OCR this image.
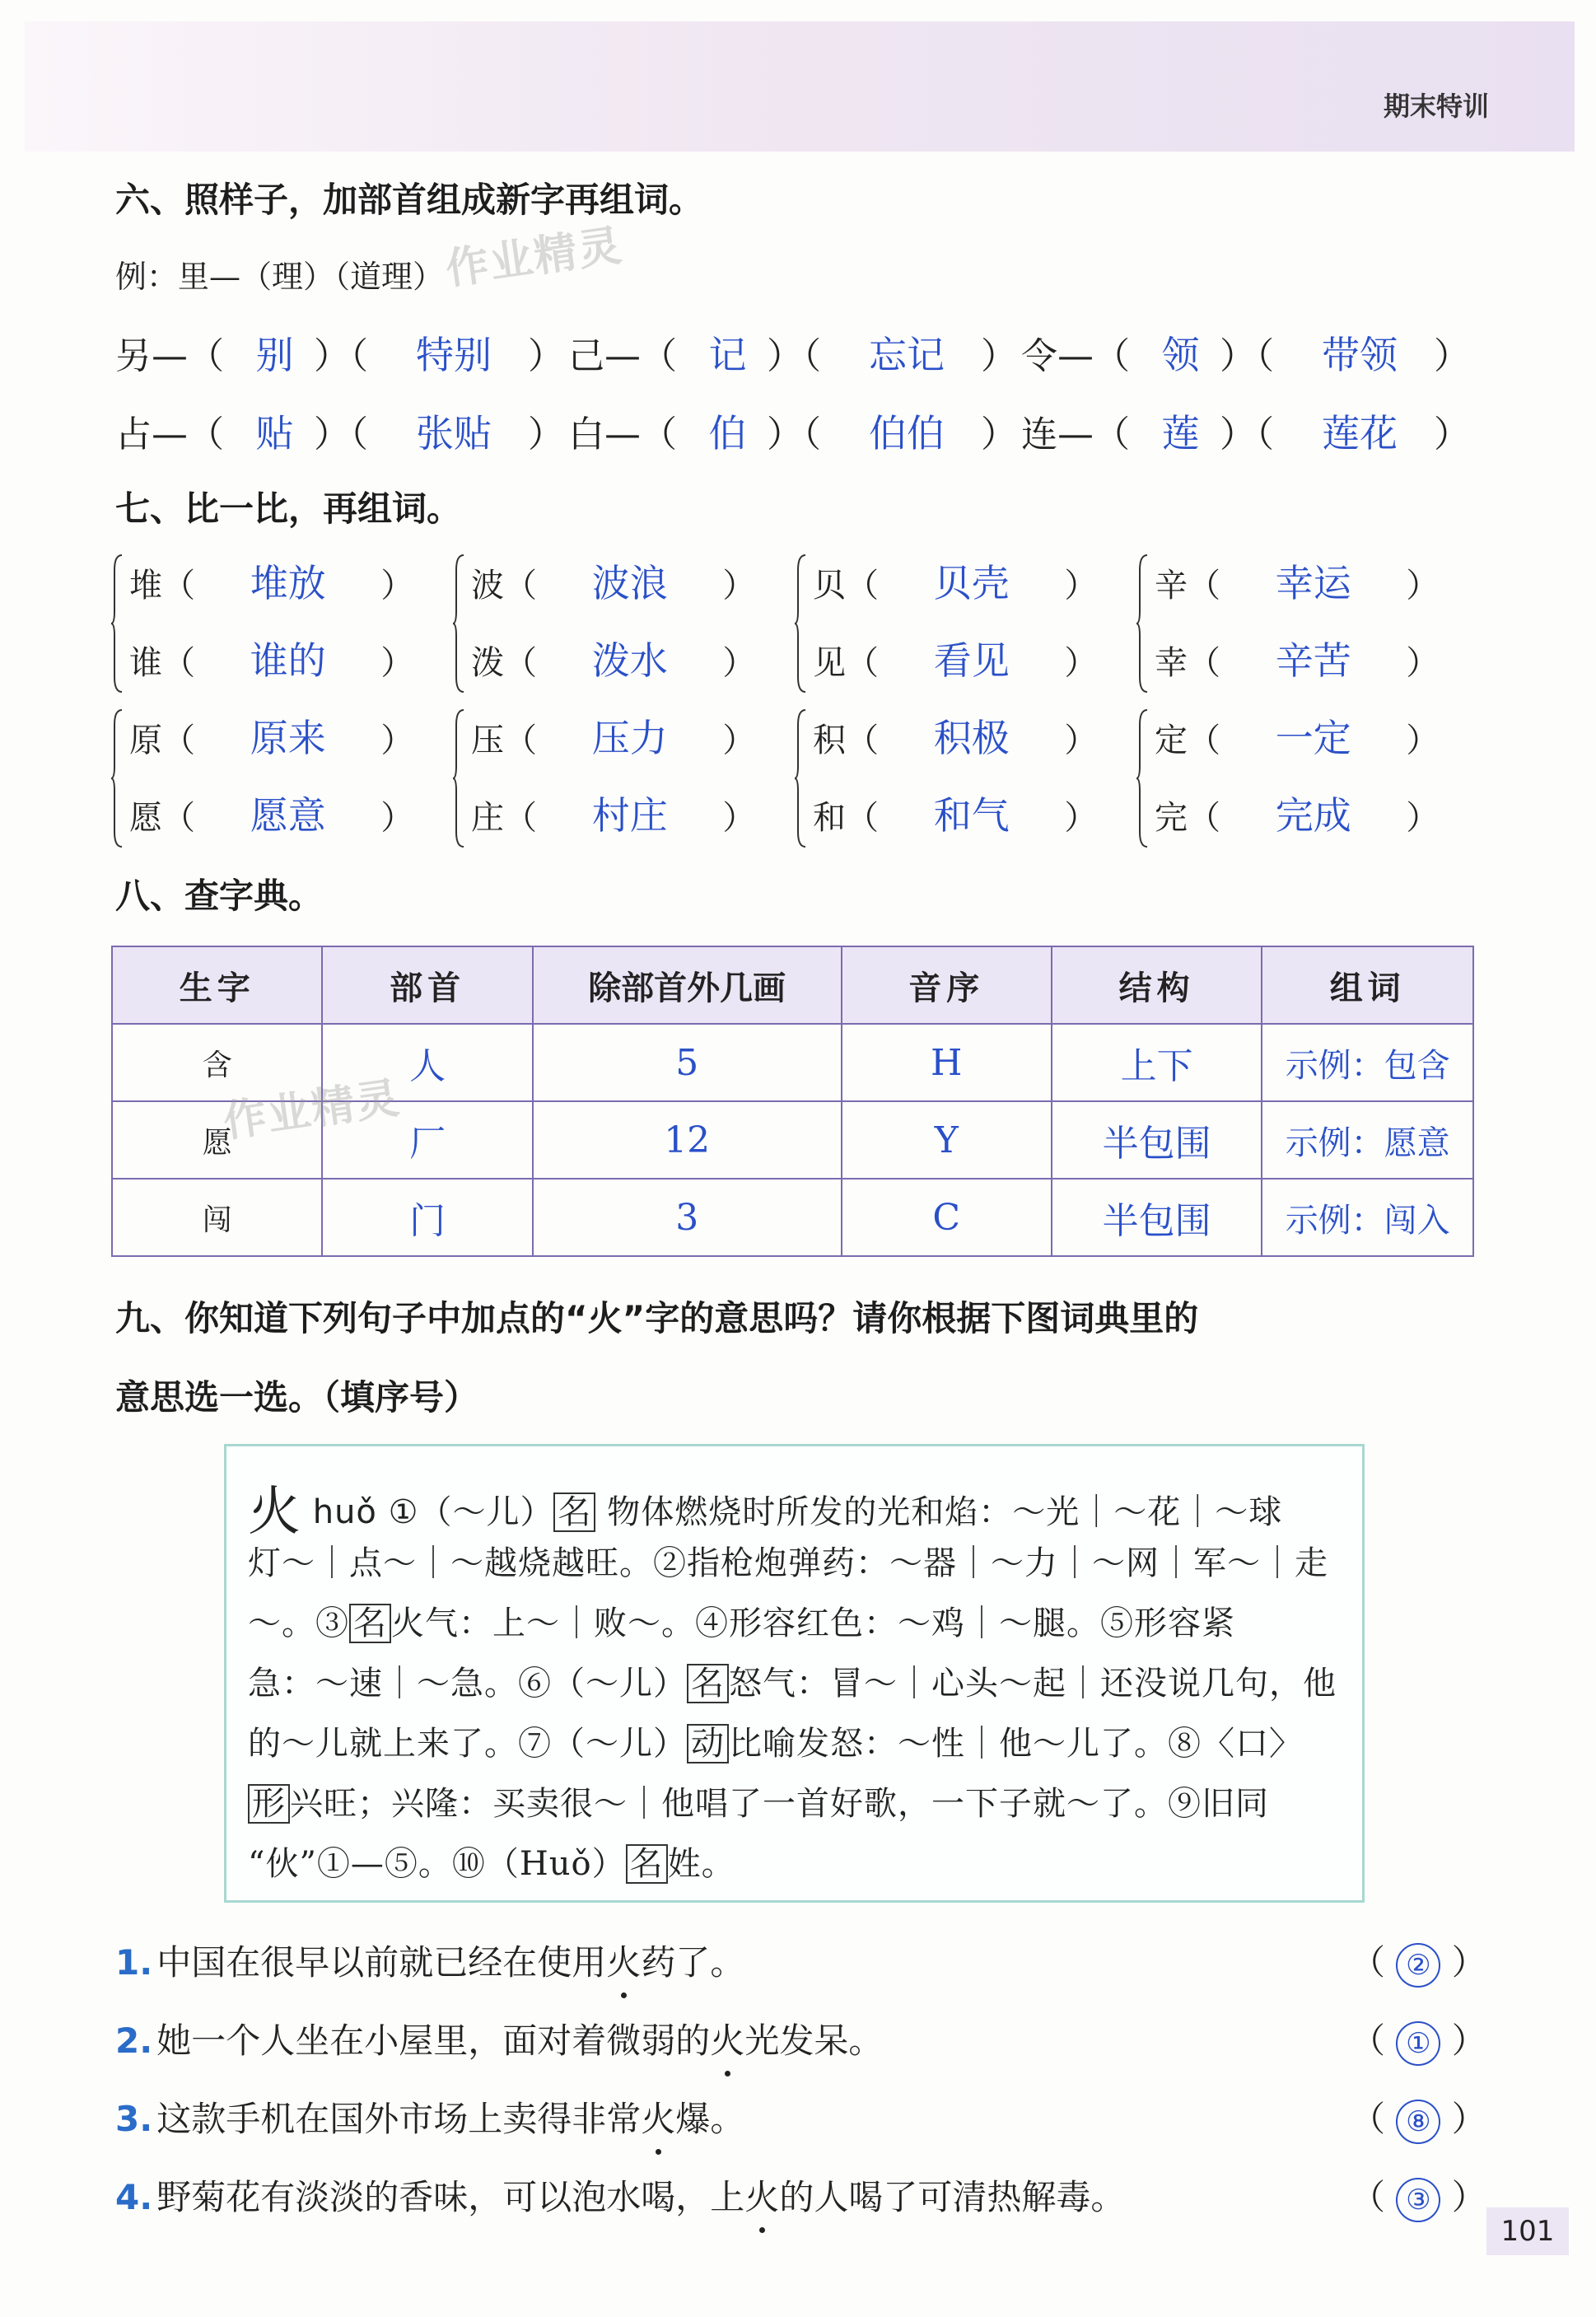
期末特训
六、照样子，加部首组成新字再组词。
例：里—（理）（道理）
作业精灵
另—（ 别 ）（ 特别 ） 己—（ 记 ）（ 忘记 ） 令—（ 领 ）（ 带领 ）
占—（ 贴 ）（ 张贴 ） 白—（ 伯 ）（ 伯伯 ） 连—（ 莲 ）（ 莲花 ）
七、比一比，再组词。
堆（ 堆放 ）
谁（ 谁的 ）
波（ 波浪 ）
泼（ 泼水 ）
贝（ 贝壳 ）
见（ 看见 ）
辛（ 幸运 ）
幸（ 辛苦 ）
原（ 原来 ）
愿（ 愿意 ）
压（ 压力 ）
庄（ 村庄 ）
积（ 积极 ）
和（ 和气 ）
定（ 一定 ）
完（ 完成 ）
八、查字典。
生字	部首	除部首外几画	音序	结构	组词
含	人	5	H	上下	示例：包含
愿	厂	12	Y	半包围	示例：愿意
闯	门	3	C	半包围	示例：闯入
作业精灵
九、你知道下列句子中加点的“火”字的意思吗？请你根据下图词典里的
意思选一选。（填序号）
火 huǒ ①（～儿） 名 物体燃烧时所发的光和焰：～光｜～花｜～球
灯～｜点～｜～越烧越旺。②指枪炮弹药：～器｜～力｜～网｜军～｜走
～。③ 名 火气：上～｜败～。④形容红色：～鸡｜～腿。⑤形容紧
急：～速｜～急。⑥（～儿） 名 怒气：冒～｜心头～起｜还没说几句，他
的～儿就上来了。⑦（～儿） 动 比喻发怒：～性｜他～儿了。⑧〈口〉
形 兴旺；兴隆：买卖很～｜他唱了一首好歌，一下子就～了。⑨旧同
“伙”①—⑤。⑩（Huǒ） 名 姓。
1. 中国在很早以前就已经在使用火药了。	（ ② ）
2. 她一个人坐在小屋里，面对着微弱的火光发呆。	（ ① ）
3. 这款手机在国外市场上卖得非常火爆。	（ ⑧ ）
4. 野菊花有淡淡的香味，可以泡水喝，上火的人喝了可清热解毒。	（ ③ ）
101
